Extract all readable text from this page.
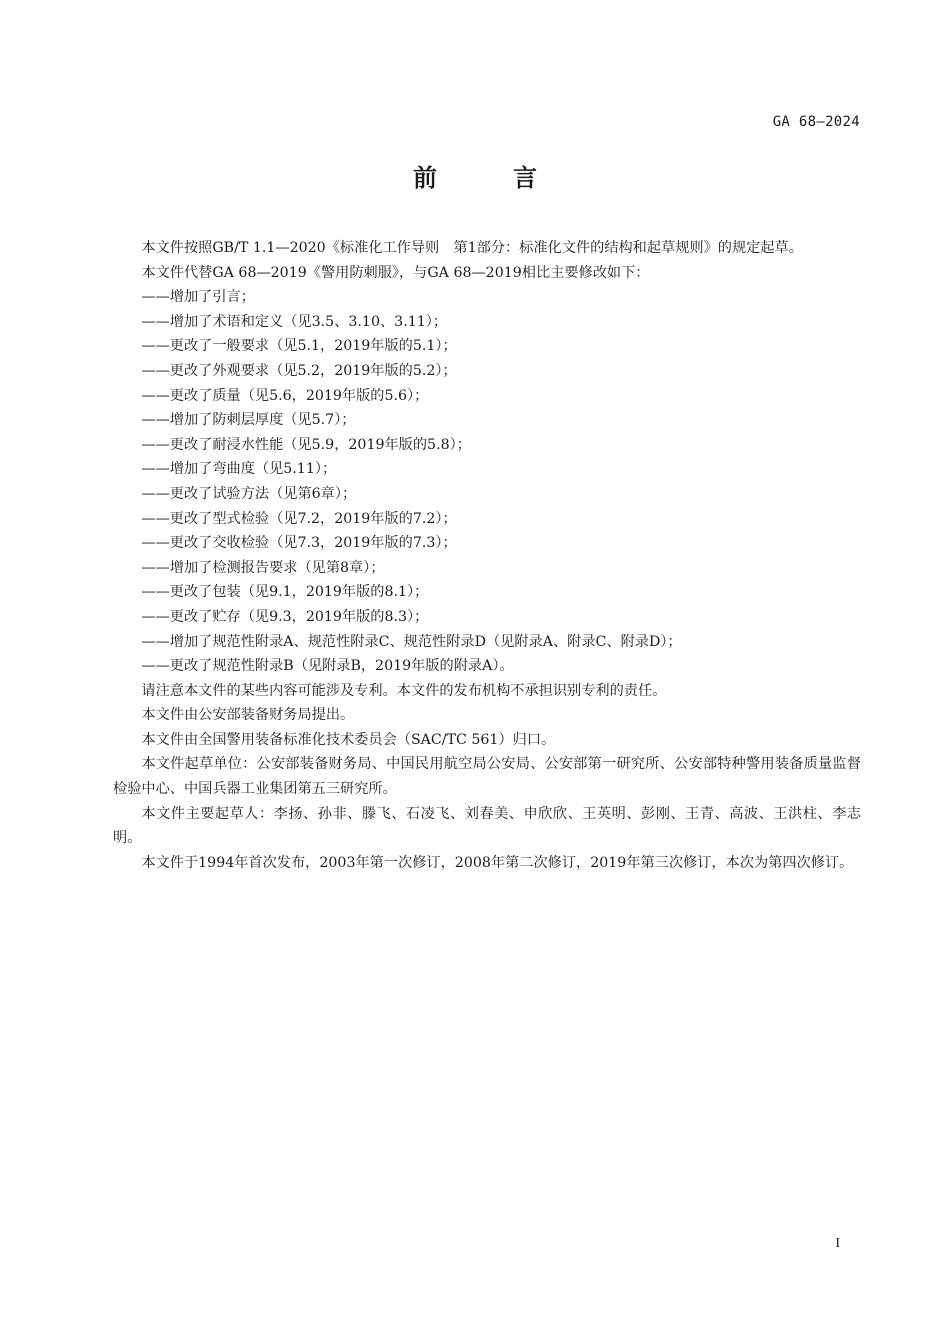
GA 68—2024
前　言

本文件按照GB/T 1.1—2020《标准化工作导则　第1部分：标准化文件的结构和起草规则》的规定起草。

本文件代替GA 68—2019《警用防刺服》，与GA 68—2019相比主要修改如下：

——增加了引言；

——增加了术语和定义（见3.5、3.10、3.11）；

——更改了一般要求（见5.1，2019年版的5.1）；

——更改了外观要求（见5.2，2019年版的5.2）；

——更改了质量（见5.6，2019年版的5.6）；

——增加了防刺层厚度（见5.7）；

——更改了耐浸水性能（见5.9，2019年版的5.8）；

——增加了弯曲度（见5.11）；

——更改了试验方法（见第6章）；

——更改了型式检验（见7.2，2019年版的7.2）；

——更改了交收检验（见7.3，2019年版的7.3）；

——增加了检测报告要求（见第8章）；

——更改了包装（见9.1，2019年版的8.1）；

——更改了贮存（见9.3，2019年版的8.3）；

——增加了规范性附录A、规范性附录C、规范性附录D（见附录A、附录C、附录D）；

——更改了规范性附录B（见附录B，2019年版的附录A）。

请注意本文件的某些内容可能涉及专利。本文件的发布机构不承担识别专利的责任。

本文件由公安部装备财务局提出。

本文件由全国警用装备标准化技术委员会（SAC/TC 561）归口。

本文件起草单位：公安部装备财务局、中国民用航空局公安局、公安部第一研究所、公安部特种警用装备质量监督检验中心、中国兵器工业集团第五三研究所。

本文件主要起草人：李扬、孙非、滕飞、石凌飞、刘春美、申欣欣、王英明、彭刚、王青、高波、王洪柱、李志明。

本文件于1994年首次发布，2003年第一次修订，2008年第二次修订，2019年第三次修订，本次为第四次修订。

I
